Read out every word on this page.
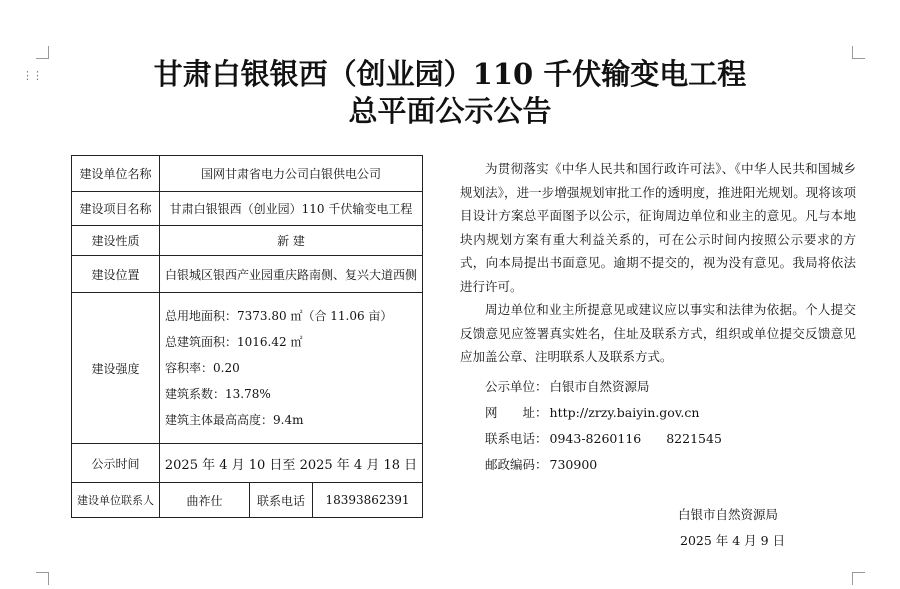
⋮⋮	甘肃白银银西（创业园）110 千伏输变电工程
总平面公示公告
建设单位名称	国网甘肃省电力公司白银供电公司		
建设项目名称	甘肃白银银西（创业园）110 千伏输变电工程		
建设性质	新 建		
建设位置	白银城区银西产业园重庆路南侧、复兴大道西侧		
建设强度	总用地面积：7373.80 ㎡（合 11.06 亩）
总建筑面积：1016.42 ㎡
容积率：0.20
建筑系数：13.78%
建筑主体最高高度：9.4m		

公示时间	2025 年 4 月 10 日至 2025 年 4 月 18 日		
建设单位联系人	曲祚仕	联系电话	18393862391

为贯彻落实《中华人民共和国行政许可法》、《中华人民共和国城乡规划法》，进一步增强规划审批工作的透明度，推进阳光规划。现将该项目设计方案总平面图予以公示，征询周边单位和业主的意见。凡与本地块内规划方案有重大利益关系的，可在公示时间内按照公示要求的方式，向本局提出书面意见。逾期不提交的，视为没有意见。我局将依法进行许可。

周边单位和业主所提意见或建议应以事实和法律为依据。个人提交反馈意见应签署真实姓名，住址及联系方式，组织或单位提交反馈意见应加盖公章、注明联系人及联系方式。

公示单位： 白银市自然资源局
网　　址： http://zrzy.baiyin.gov.cn
联系电话： 0943-8260116　　8221545
邮政编码： 730900
白银市自然资源局
2025 年 4 月 9 日
